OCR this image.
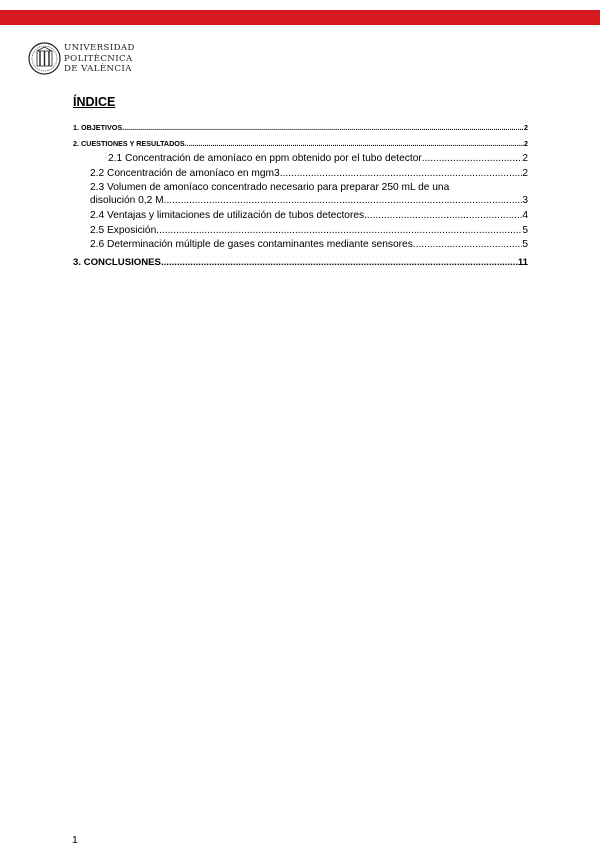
UNIVERSIDAD
POLITÈCNICA
DE VALÈNCIA
ÍNDICE
1. OBJETIVOS .....	2
2. CUESTIONES Y RESULTADOS .....	2
2.1 Concentración de amoníaco en ppm obtenido por el tubo detector .....	2
2.2 Concentración de amoníaco en mgm3 .....	2
2.3 Volumen de amoníaco concentrado necesario para preparar 250 mL de una
disolución 0,2 M .....	3
2.4 Ventajas y limitaciones de utilización de tubos detectores .....	4
2.5 Exposición .....	5
2.6 Determinación múltiple de gases contaminantes mediante sensores .....	5
3. CONCLUSIONES .....	11
1
